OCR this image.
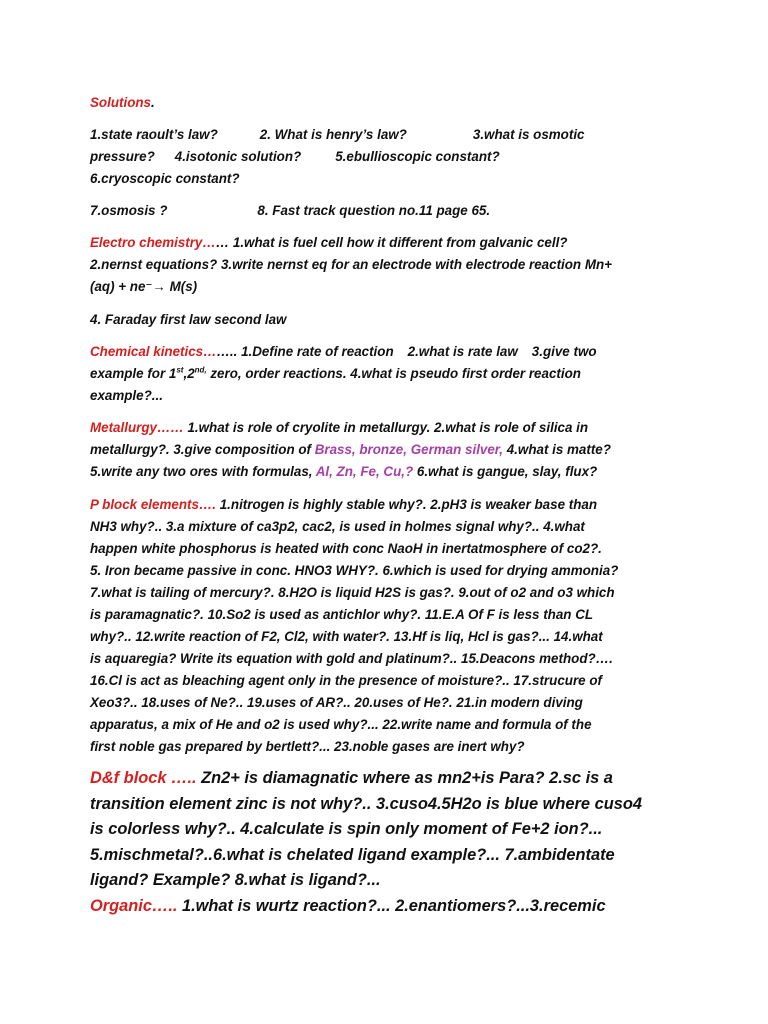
Solutions.
1.state raoult’s law?	2. What is henry’s law?	3.what is osmotic
pressure? 4.isotonic solution?	5.ebullioscopic constant?
6.cryoscopic constant?
7.osmosis ?	8. Fast track question no.11 page 65.
Electro chemistry…… 1.what is fuel cell how it different from galvanic cell?
2.nernst equations? 3.write nernst eq for an electrode with electrode reaction Mn+
(aq) + ne⁻→ M(s)
4. Faraday first law second law
Chemical kinetics…….. 1.Define rate of reaction 2.what is rate law 3.give two
example for $1st,2^{nd,}$ zero, order reactions. 4.what is pseudo first order reaction
example?...
Metallurgy…… 1.what is role of cryolite in metallurgy. 2.what is role of silica in
metallurgy?. 3.give composition of Brass, bronze, German silver, 4.what is matte?
5.write any two ores with formulas, Al, Zn, Fe, Cu,? 6.what is gangue, slay, flux?
P block elements…. 1.nitrogen is highly stable why?. 2.pH3 is weaker base than
NH3 why?.. 3.a mixture of ca3p2, cac2, is used in holmes signal why?.. 4.what
happen white phosphorus is heated with conc NaoH in inertatmosphere of co2?.
5. Iron became passive in conc. HNO3 WHY?. 6.which is used for drying ammonia?
7.what is tailing of mercury?. 8.H2O is liquid H2S is gas?. 9.out of o2 and o3 which
is paramagnatic?. 10.So2 is used as antichlor why?. 11.E.A Of F is less than CL
why?.. 12.write reaction of F2, Cl2, with water?. 13.Hf is liq, Hcl is gas?... 14.what
is aquaregia? Write its equation with gold and platinum?.. 15.Deacons method?….
16.Cl is act as bleaching agent only in the presence of moisture?.. 17.strucure of
Xeo3?.. 18.uses of Ne?.. 19.uses of AR?.. 20.uses of He?. 21.in modern diving
apparatus, a mix of He and o2 is used why?... 22.write name and formula of the
first noble gas prepared by bertlett?... 23.noble gases are inert why?
D&f block ….. Zn2+ is diamagnatic where as mn2+is Para? 2.sc is a
transition element zinc is not why?.. 3.cuso4.5H2o is blue where cuso4
is colorless why?.. 4.calculate is spin only moment of Fe+2 ion?...
5.mischmetal?..6.what is chelated ligand example?... 7.ambidentate
ligand? Example? 8.what is ligand?...
Organic….. 1.what is wurtz reaction?... 2.enantiomers?...3.recemic
